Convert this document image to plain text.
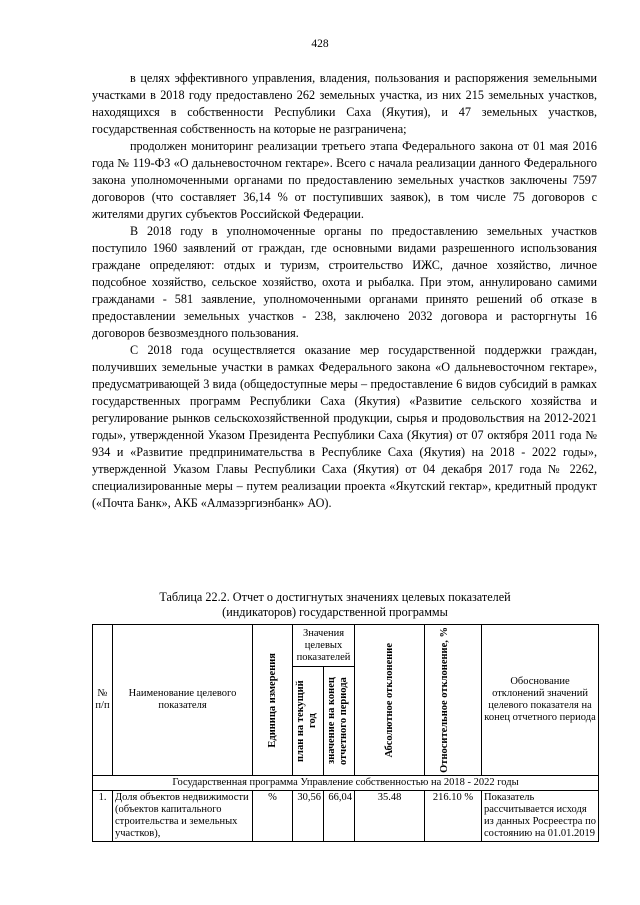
428

в целях эффективного управления, владения, пользования и распоряжения земельными участками в 2018 году предоставлено 262 земельных участка, из них 215 земельных участков, находящихся в собственности Республики Саха (Якутия), и 47 земельных участков, государственная собственность на которые не разграничена;

продолжен мониторинг реализации третьего этапа Федерального закона от 01 мая 2016 года № 119-ФЗ «О дальневосточном гектаре». Всего с начала реализации данного Федерального закона уполномоченными органами по предоставлению земельных участков заключены 7597 договоров (что составляет 36,14 % от поступивших заявок), в том числе 75 договоров с жителями других субъектов Российской Федерации.

В 2018 году в уполномоченные органы по предоставлению земельных участков поступило 1960 заявлений от граждан, где основными видами разрешенного использования граждане определяют: отдых и туризм, строительство ИЖС, дачное хозяйство, личное подсобное хозяйство, сельское хозяйство, охота и рыбалка. При этом, аннулировано самими гражданами - 581 заявление, уполномоченными органами принято решений об отказе в предоставлении земельных участков - 238, заключено 2032 договора и расторгнуты 16 договоров безвозмездного пользования.

С 2018 года осуществляется оказание мер государственной поддержки граждан, получивших земельные участки в рамках Федерального закона «О дальневосточном гектаре», предусматривающей 3 вида (общедоступные меры – предоставление 6 видов субсидий в рамках государственных программ Республики Саха (Якутия) «Развитие сельского хозяйства и регулирование рынков сельскохозяйственной продукции, сырья и продовольствия на 2012-2021 годы», утвержденной Указом Президента Республики Саха (Якутия) от 07 октября 2011 года № 934 и «Развитие предпринимательства в Республике Саха (Якутия) на 2018 - 2022 годы», утвержденной Указом Главы Республики Саха (Якутия) от 04 декабря 2017 года № 2262, специализированные меры – путем реализации проекта «Якутский гектар», кредитный продукт («Почта Банк», АКБ «Алмазэргиэнбанк» АО).

Таблица 22.2. Отчет о достигнутых значениях целевых показателей (индикаторов) государственной программы
№ п/п	Наименование целевого показателя	Единица измерения	Значения целевых показателей		Абсолютное отклонение	Относительное отклонение, %	Обоснование отклонений значений целевого показателя на конец отчетного периода
			план на текущий год	значение на конец отчетного периода			
Государственная программа Управление собственностью на 2018 - 2022 годы							
1.	Доля объектов недвижимости (объектов капитального строительства и земельных участков),	%	30,56	66,04	35.48	216.10 %	Показатель рассчитывается исходя из данных Росреестра по состоянию на 01.01.2019
